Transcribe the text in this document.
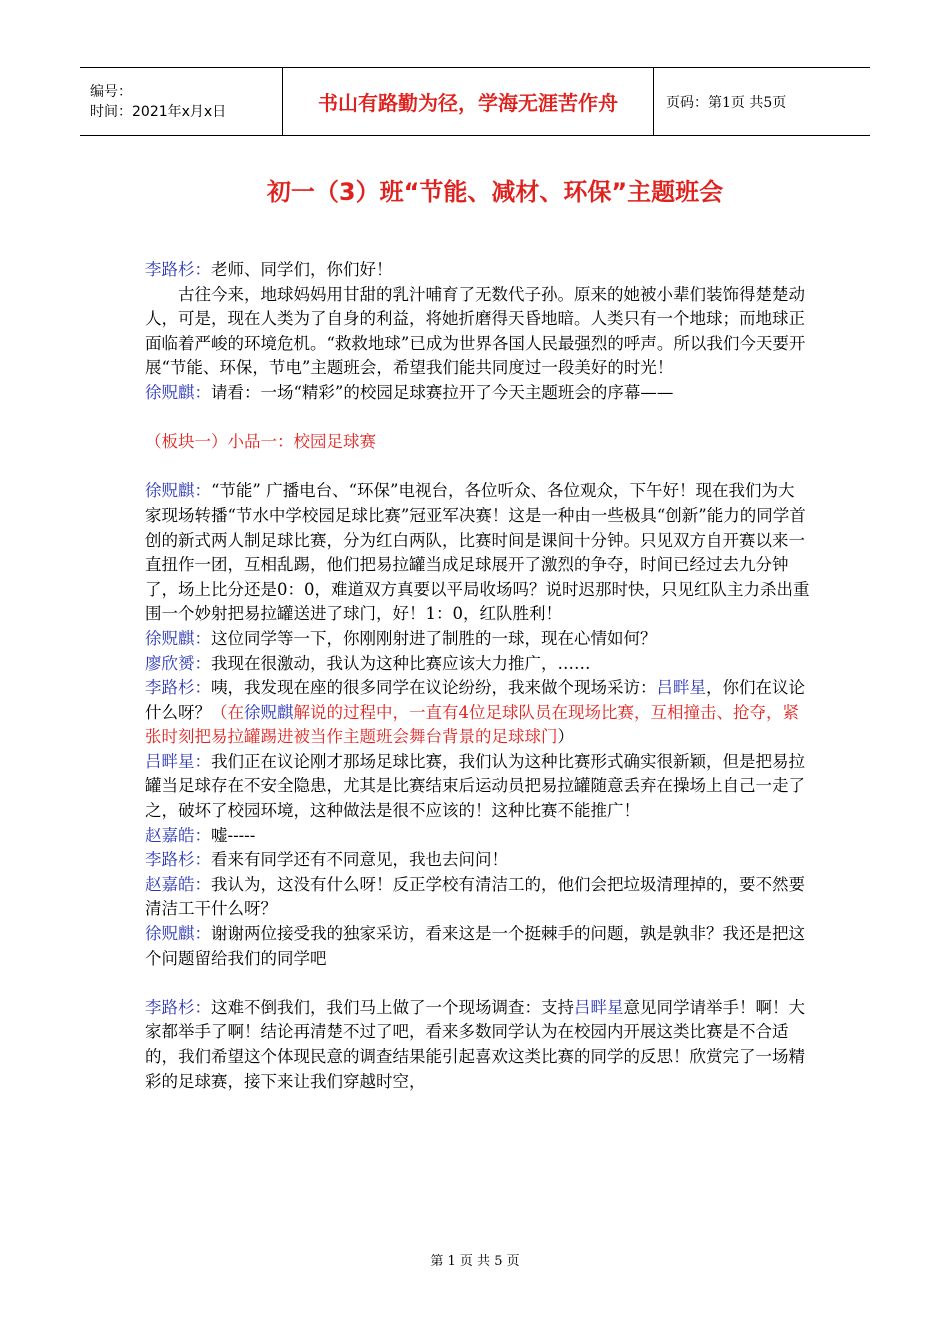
编号：
时间：2021年x月x日	书山有路勤为径，学海无涯苦作舟	页码：第1页 共5页
初一（3）班“节能、减材、环保”主题班会

李路杉：老师、同学们，你们好！

古往今来，地球妈妈用甘甜的乳汁哺育了无数代子孙。原来的她被小辈们装饰得楚楚动人，可是，现在人类为了自身的利益，将她折磨得天昏地暗。人类只有一个地球；而地球正面临着严峻的环境危机。“救救地球”已成为世界各国人民最强烈的呼声。所以我们今天要开展“节能、环保，节电”主题班会，希望我们能共同度过一段美好的时光！

徐贶麒：请看：一场“精彩”的校园足球赛拉开了今天主题班会的序幕——

（板块一）小品一：校园足球赛

徐贶麒：“节能” 广播电台、“环保”电视台，各位听众、各位观众，下午好！现在我们为大家现场转播“节水中学校园足球比赛”冠亚军决赛！这是一种由一些极具“创新”能力的同学首创的新式两人制足球比赛，分为红白两队，比赛时间是课间十分钟。只见双方自开赛以来一直扭作一团，互相乱踢，他们把易拉罐当成足球展开了激烈的争夺，时间已经过去九分钟了，场上比分还是0：0，难道双方真要以平局收场吗？说时迟那时快，只见红队主力杀出重围一个妙射把易拉罐送进了球门，好！1：0，红队胜利！

徐贶麒：这位同学等一下，你刚刚射进了制胜的一球，现在心情如何？

廖欣赟：我现在很激动，我认为这种比赛应该大力推广，……

李路杉：咦，我发现在座的很多同学在议论纷纷，我来做个现场采访：吕畔星，你们在议论什么呀？（在徐贶麒解说的过程中，一直有4位足球队员在现场比赛，互相撞击、抢夺，紧张时刻把易拉罐踢进被当作主题班会舞台背景的足球球门）

吕畔星：我们正在议论刚才那场足球比赛，我们认为这种比赛形式确实很新颖，但是把易拉罐当足球存在不安全隐患，尤其是比赛结束后运动员把易拉罐随意丢弃在操场上自己一走了之，破坏了校园环境，这种做法是很不应该的！这种比赛不能推广！

赵嘉皓：嘘-----

李路杉：看来有同学还有不同意见，我也去问问！

赵嘉皓：我认为，这没有什么呀！反正学校有清洁工的，他们会把垃圾清理掉的，要不然要清洁工干什么呀？

徐贶麒：谢谢两位接受我的独家采访，看来这是一个挺棘手的问题，孰是孰非？我还是把这个问题留给我们的同学吧

李路杉：这难不倒我们，我们马上做了一个现场调查：支持吕畔星意见同学请举手！啊！大家都举手了啊！结论再清楚不过了吧，看来多数同学认为在校园内开展这类比赛是不合适的，我们希望这个体现民意的调查结果能引起喜欢这类比赛的同学的反思！欣赏完了一场精彩的足球赛，接下来让我们穿越时空，

第 1 页 共 5 页
